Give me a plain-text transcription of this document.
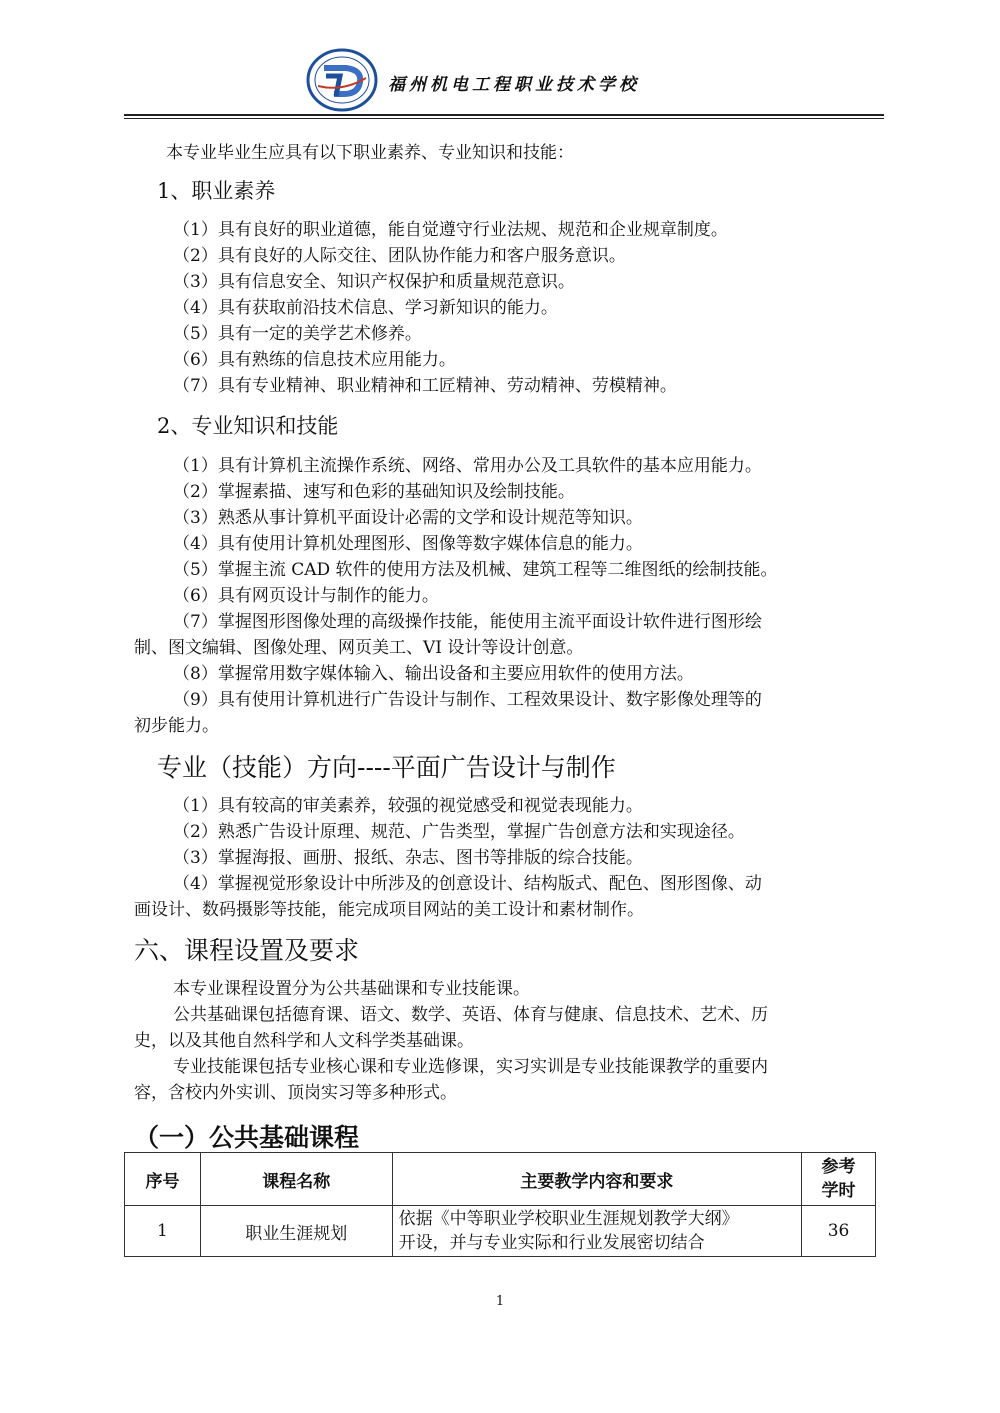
福州机电工程职业技术学校
本专业毕业生应具有以下职业素养、专业知识和技能：
1、职业素养
（1）具有良好的职业道德，能自觉遵守行业法规、规范和企业规章制度。
（2）具有良好的人际交往、团队协作能力和客户服务意识。
（3）具有信息安全、知识产权保护和质量规范意识。
（4）具有获取前沿技术信息、学习新知识的能力。
（5）具有一定的美学艺术修养。
（6）具有熟练的信息技术应用能力。
（7）具有专业精神、职业精神和工匠精神、劳动精神、劳模精神。
2、专业知识和技能
（1）具有计算机主流操作系统、网络、常用办公及工具软件的基本应用能力。
（2）掌握素描、速写和色彩的基础知识及绘制技能。
（3）熟悉从事计算机平面设计必需的文学和设计规范等知识。
（4）具有使用计算机处理图形、图像等数字媒体信息的能力。
（5）掌握主流 CAD 软件的使用方法及机械、建筑工程等二维图纸的绘制技能。
（6）具有网页设计与制作的能力。
（7）掌握图形图像处理的高级操作技能，能使用主流平面设计软件进行图形绘
制、图文编辑、图像处理、网页美工、VI 设计等设计创意。
（8）掌握常用数字媒体输入、输出设备和主要应用软件的使用方法。
（9）具有使用计算机进行广告设计与制作、工程效果设计、数字影像处理等的
初步能力。
专业（技能）方向----平面广告设计与制作
（1）具有较高的审美素养，较强的视觉感受和视觉表现能力。
（2）熟悉广告设计原理、规范、广告类型，掌握广告创意方法和实现途径。
（3）掌握海报、画册、报纸、杂志、图书等排版的综合技能。
（4）掌握视觉形象设计中所涉及的创意设计、结构版式、配色、图形图像、动
画设计、数码摄影等技能，能完成项目网站的美工设计和素材制作。
六、课程设置及要求
本专业课程设置分为公共基础课和专业技能课。
公共基础课包括德育课、语文、数学、英语、体育与健康、信息技术、艺术、历
史，以及其他自然科学和人文科学类基础课。
专业技能课包括专业核心课和专业选修课，实习实训是专业技能课教学的重要内
容，含校内外实训、顶岗实习等多种形式。
（一）公共基础课程
序号	课程名称	主要教学内容和要求	参考
学时
1	职业生涯规划	依据《中等职业学校职业生涯规划教学大纲》
开设，并与专业实际和行业发展密切结合	36
1
